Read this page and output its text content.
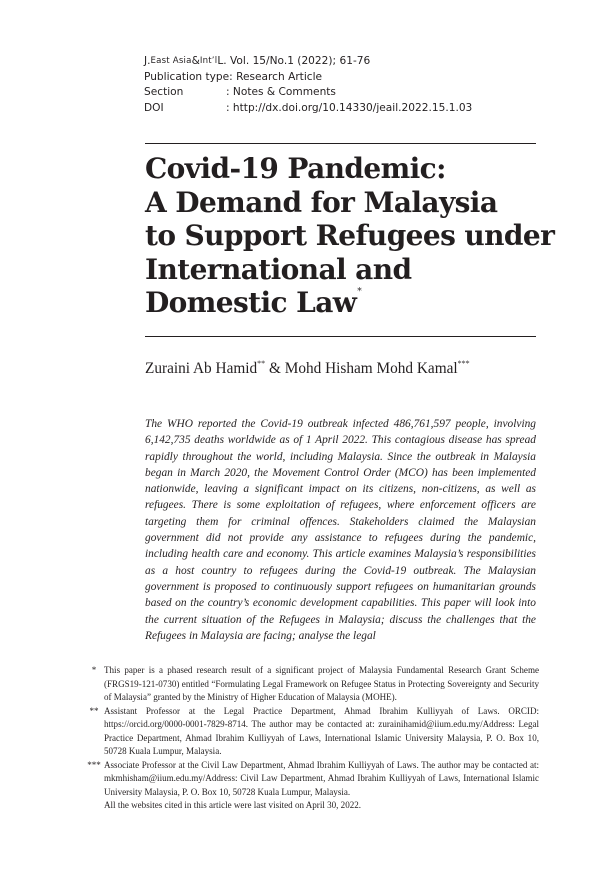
J. East Asia & Int’l L. Vol. 15/No.1 (2022); 61-76
Publication type : Research Article
Section	: Notes & Comments
DOI	: http://dx.doi.org/10.14330/jeail.2022.15.1.03
Covid-19 Pandemic:
A Demand for Malaysia
to Support Refugees under
International and
Domestic Law*
Zuraini Ab Hamid** & Mohd Hisham Mohd Kamal***

The WHO reported the Covid-19 outbreak infected 486,761,597 people, involving 6,142,735 deaths worldwide as of 1 April 2022. This contagious disease has spread rapidly throughout the world, including Malaysia. Since the outbreak in Malaysia began in March 2020, the Movement Control Order (MCO) has been implemented nationwide, leaving a significant impact on its citizens, non-citizens, as well as refugees. There is some exploitation of refugees, where enforcement officers are targeting them for criminal offences. Stakeholders claimed the Malaysian government did not provide any assistance to refugees during the pandemic, including health care and economy. This article examines Malaysia’s responsibilities as a host country to refugees during the Covid-19 outbreak. The Malaysian government is proposed to continuously support refugees on humanitarian grounds based on the country’s economic development capabilities. This paper will look into the current situation of the Refugees in Malaysia; discuss the challenges that the Refugees in Malaysia are facing; analyse the legal

* This paper is a phased research result of a significant project of Malaysia Fundamental Research Grant Scheme (FRGS19-121-0730) entitled “Formulating Legal Framework on Refugee Status in Protecting Sovereignty and Security of Malaysia” granted by the Ministry of Higher Education of Malaysia (MOHE).
** Assistant Professor at the Legal Practice Department, Ahmad Ibrahim Kulliyyah of Laws. ORCID: https://orcid.org/0000-0001-7829-8714. The author may be contacted at: zurainihamid@iium.edu.my/Address: Legal Practice Department, Ahmad Ibrahim Kulliyyah of Laws, International Islamic University Malaysia, P. O. Box 10, 50728 Kuala Lumpur, Malaysia.
*** Associate Professor at the Civil Law Department, Ahmad Ibrahim Kulliyyah of Laws. The author may be contacted at: mkmhisham@iium.edu.my/Address: Civil Law Department, Ahmad Ibrahim Kulliyyah of Laws, International Islamic University Malaysia, P. O. Box 10, 50728 Kuala Lumpur, Malaysia.
All the websites cited in this article were last visited on April 30, 2022.
